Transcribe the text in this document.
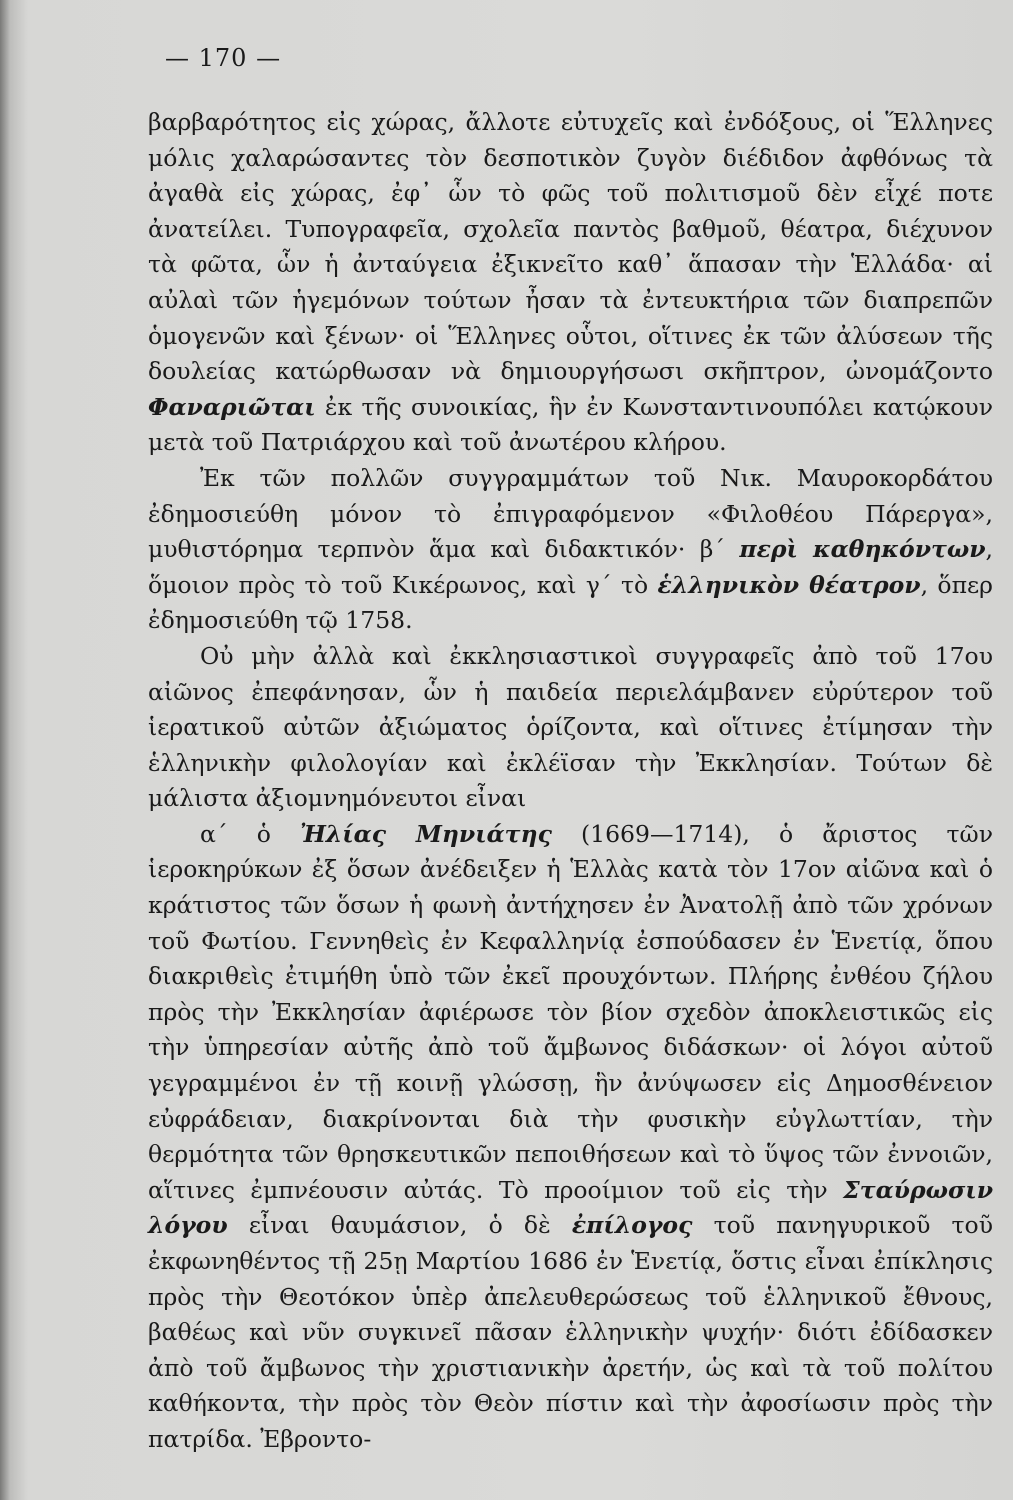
— 170 —

βαρβαρότητος εἰς χώρας, ἄλλοτε εὐτυχεῖς καὶ ἐνδόξους, οἱ Ἕλληνες μόλις χαλαρώσαντες τὸν δεσποτικὸν ζυγὸν διέδιδον ἀφθόνως τὰ ἀγαθὰ εἰς χώρας, ἐφ᾽ ὧν τὸ φῶς τοῦ πολιτισμοῦ δὲν εἶχέ ποτε ἀνατείλει. Τυπογραφεῖα, σχολεῖα παντὸς βαθμοῦ, θέατρα, διέχυνον τὰ φῶτα, ὧν ἡ ἀνταύγεια ἐξικνεῖτο καθ᾽ ἅπασαν τὴν Ἑλλάδα· αἱ αὐλαὶ τῶν ἡγεμόνων τούτων ἦσαν τὰ ἐντευκτήρια τῶν διαπρεπῶν ὁμογενῶν καὶ ξένων· οἱ Ἕλληνες οὗτοι, οἵτινες ἐκ τῶν ἀλύσεων τῆς δουλείας κατώρθωσαν νὰ δημιουργήσωσι σκῆπτρον, ὠνομάζοντο Φαναριῶται ἐκ τῆς συνοικίας, ἣν ἐν Κωνσταντινουπόλει κατῴκουν μετὰ τοῦ Πατριάρχου καὶ τοῦ ἀνωτέρου κλήρου.

Ἐκ τῶν πολλῶν συγγραμμάτων τοῦ Νικ. Μαυροκορδάτου ἐδημοσιεύθη μόνον τὸ ἐπιγραφόμενον «Φιλοθέου Πάρεργα», μυθιστόρημα τερπνὸν ἅμα καὶ διδακτικόν· β´ περὶ καθηκόντων, ὅμοιον πρὸς τὸ τοῦ Κικέρωνος, καὶ γ´ τὸ ἑλληνικὸν θέατρον, ὅπερ ἐδημοσιεύθη τῷ 1758.

Οὐ μὴν ἀλλὰ καὶ ἐκκλησιαστικοὶ συγγραφεῖς ἀπὸ τοῦ 17ου αἰῶνος ἐπεφάνησαν, ὧν ἡ παιδεία περιελάμβανεν εὐρύτερον τοῦ ἱερατικοῦ αὐτῶν ἀξιώματος ὁρίζοντα, καὶ οἵτινες ἐτίμησαν τὴν ἑλληνικὴν φιλολογίαν καὶ ἐκλέϊσαν τὴν Ἐκκλησίαν. Τούτων δὲ μάλιστα ἀξιομνημόνευτοι εἶναι

α´ ὁ Ἠλίας Μηνιάτης (1669—1714), ὁ ἄριστος τῶν ἱεροκηρύκων ἐξ ὅσων ἀνέδειξεν ἡ Ἑλλὰς κατὰ τὸν 17ον αἰῶνα καὶ ὁ κράτιστος τῶν ὅσων ἡ φωνὴ ἀντήχησεν ἐν Ἀνατολῇ ἀπὸ τῶν χρόνων τοῦ Φωτίου. Γεννηθεὶς ἐν Κεφαλληνίᾳ ἐσπούδασεν ἐν Ἑνετίᾳ, ὅπου διακριθεὶς ἐτιμήθη ὑπὸ τῶν ἐκεῖ προυχόντων. Πλήρης ἐνθέου ζήλου πρὸς τὴν Ἐκκλησίαν ἀφιέρωσε τὸν βίον σχεδὸν ἀποκλειστικῶς εἰς τὴν ὑπηρεσίαν αὐτῆς ἀπὸ τοῦ ἄμβωνος διδάσκων· οἱ λόγοι αὐτοῦ γεγραμμένοι ἐν τῇ κοινῇ γλώσσῃ, ἣν ἀνύψωσεν εἰς Δημοσθένειον εὐφράδειαν, διακρίνονται διὰ τὴν φυσικὴν εὐγλωττίαν, τὴν θερμότητα τῶν θρησκευτικῶν πεποιθήσεων καὶ τὸ ὕψος τῶν ἐννοιῶν, αἵτινες ἐμπνέουσιν αὐτάς. Τὸ προοίμιον τοῦ εἰς τὴν Σταύρωσιν λόγου εἶναι θαυμάσιον, ὁ δὲ ἐπίλογος τοῦ πανηγυρικοῦ τοῦ ἐκφωνηθέντος τῇ 25ῃ Μαρτίου 1686 ἐν Ἑνετίᾳ, ὅστις εἶναι ἐπίκλησις πρὸς τὴν Θεοτόκον ὑπὲρ ἀπελευθερώσεως τοῦ ἑλληνικοῦ ἔθνους, βαθέως καὶ νῦν συγκινεῖ πᾶσαν ἑλληνικὴν ψυχήν· διότι ἐδίδασκεν ἀπὸ τοῦ ἄμβωνος τὴν χριστιανικὴν ἀρετήν, ὡς καὶ τὰ τοῦ πολίτου καθήκοντα, τὴν πρὸς τὸν Θεὸν πίστιν καὶ τὴν ἀφοσίωσιν πρὸς τὴν πατρίδα. Ἐβροντο-
